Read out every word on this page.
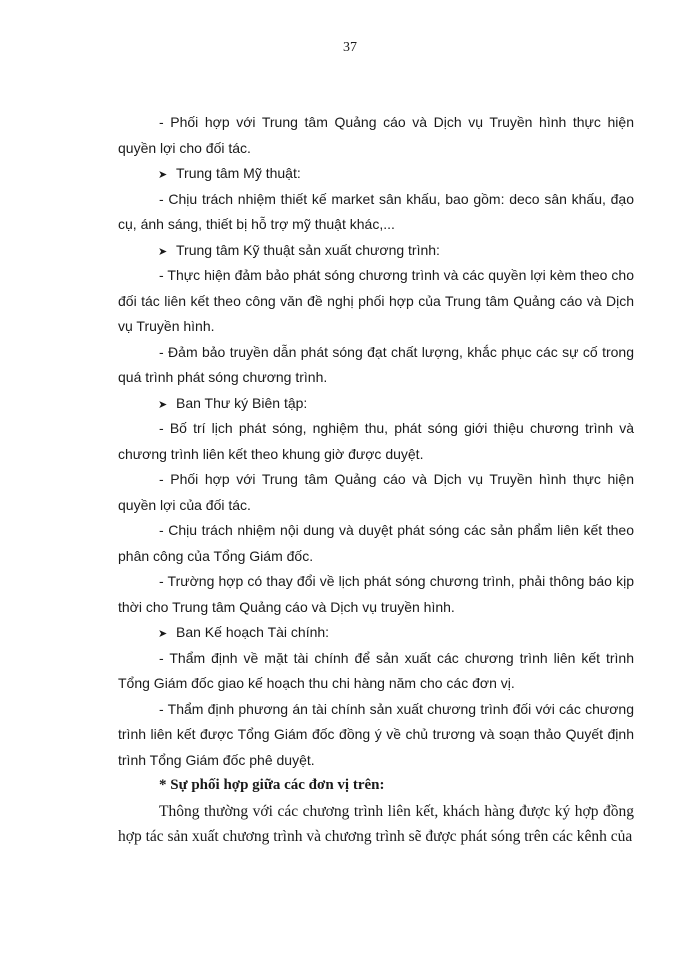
37
- Phối hợp với Trung tâm Quảng cáo và Dịch vụ Truyền hình thực hiện
quyền lợi cho đối tác.
➤ Trung tâm Mỹ thuật:
- Chịu trách nhiệm thiết kế market sân khấu, bao gồm: deco sân khấu, đạo
cụ, ánh sáng, thiết bị hỗ trợ mỹ thuật khác,...
➤ Trung tâm Kỹ thuật sản xuất chương trình:
- Thực hiện đảm bảo phát sóng chương trình và các quyền lợi kèm theo cho
đối tác liên kết theo công văn đề nghị phối hợp của Trung tâm Quảng cáo và Dịch
vụ Truyền hình.
- Đảm bảo truyền dẫn phát sóng đạt chất lượng, khắc phục các sự cố trong
quá trình phát sóng chương trình.
➤ Ban Thư ký Biên tập:
- Bố trí lịch phát sóng, nghiệm thu, phát sóng giới thiệu chương trình và
chương trình liên kết theo khung giờ được duyệt.
- Phối hợp với Trung tâm Quảng cáo và Dịch vụ Truyền hình thực hiện
quyền lợi của đối tác.
- Chịu trách nhiệm nội dung và duyệt phát sóng các sản phẩm liên kết theo
phân công của Tổng Giám đốc.
- Trường hợp có thay đổi về lịch phát sóng chương trình, phải thông báo kịp
thời cho Trung tâm Quảng cáo và Dịch vụ truyền hình.
➤ Ban Kế hoạch Tài chính:
- Thẩm định về mặt tài chính để sản xuất các chương trình liên kết trình
Tổng Giám đốc giao kế hoạch thu chi hàng năm cho các đơn vị.
- Thẩm định phương án tài chính sản xuất chương trình đối với các chương
trình liên kết được Tổng Giám đốc đồng ý về chủ trương và soạn thảo Quyết định
trình Tổng Giám đốc phê duyệt.
* Sự phối hợp giữa các đơn vị trên:
Thông thường với các chương trình liên kết, khách hàng được ký hợp đồng
hợp tác sản xuất chương trình và chương trình sẽ được phát sóng trên các kênh của
